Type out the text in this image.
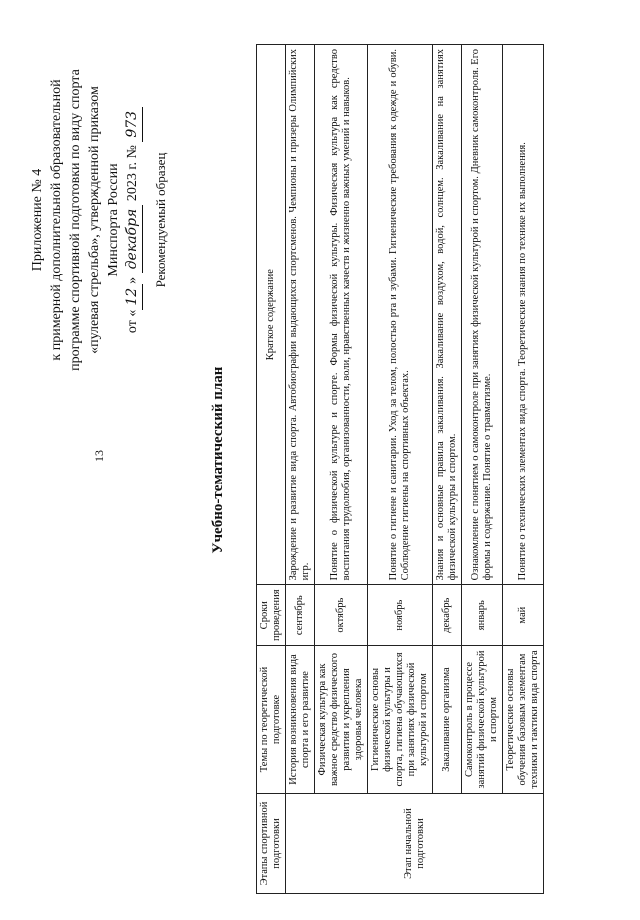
13
Приложение № 4 к примерной дополнительной образовательной программе спортивной подготовки по виду спорта «пулевая стрельба», утвержденной приказом Минспорта России
от «12» декабря 2023 г. № 973
Рекомендуемый образец
Учебно-тематический план
Этапы спортивной подготовки	Темы по теоретической подготовке	Сроки проведения	Краткое содержание
Этап начальной подготовки	История возникновения вида спорта и его развитие	сентябрь	Зарождение и развитие вида спорта. Автобиографии выдающихся спортсменов. Чемпионы и призеры Олимпийских игр.
	Физическая культура как важное средство физического развития и укрепления здоровья человека	октябрь	Понятие о физической культуре и спорте. Формы физической культуры. Физическая культура как средство воспитания трудолюбия, организованности, воли, нравственных качеств и жизненно важных умений и навыков.
	Гигиенические основы физической культуры и спорта, гигиена обучающихся при занятиях физической культурой и спортом	ноябрь	Понятие о гигиене и санитарии. Уход за телом, полостью рта и зубами. Гигиенические требования к одежде и обуви. Соблюдение гигиены на спортивных объектах.
	Закаливание организма	декабрь	Знания и основные правила закаливания. Закаливание воздухом, водой, солнцем. Закаливание на занятиях физической культуры и спортом.
	Самоконтроль в процессе занятий физической культурой и спортом	январь	Ознакомление с понятием о самоконтроле при занятиях физической культурой и спортом. Дневник самоконтроля. Его формы и содержание. Понятие о травматизме.
	Теоретические основы обучения базовым элементам техники и тактики вида спорта	май	Понятие о технических элементах вида спорта. Теоретические знания по технике их выполнения.
